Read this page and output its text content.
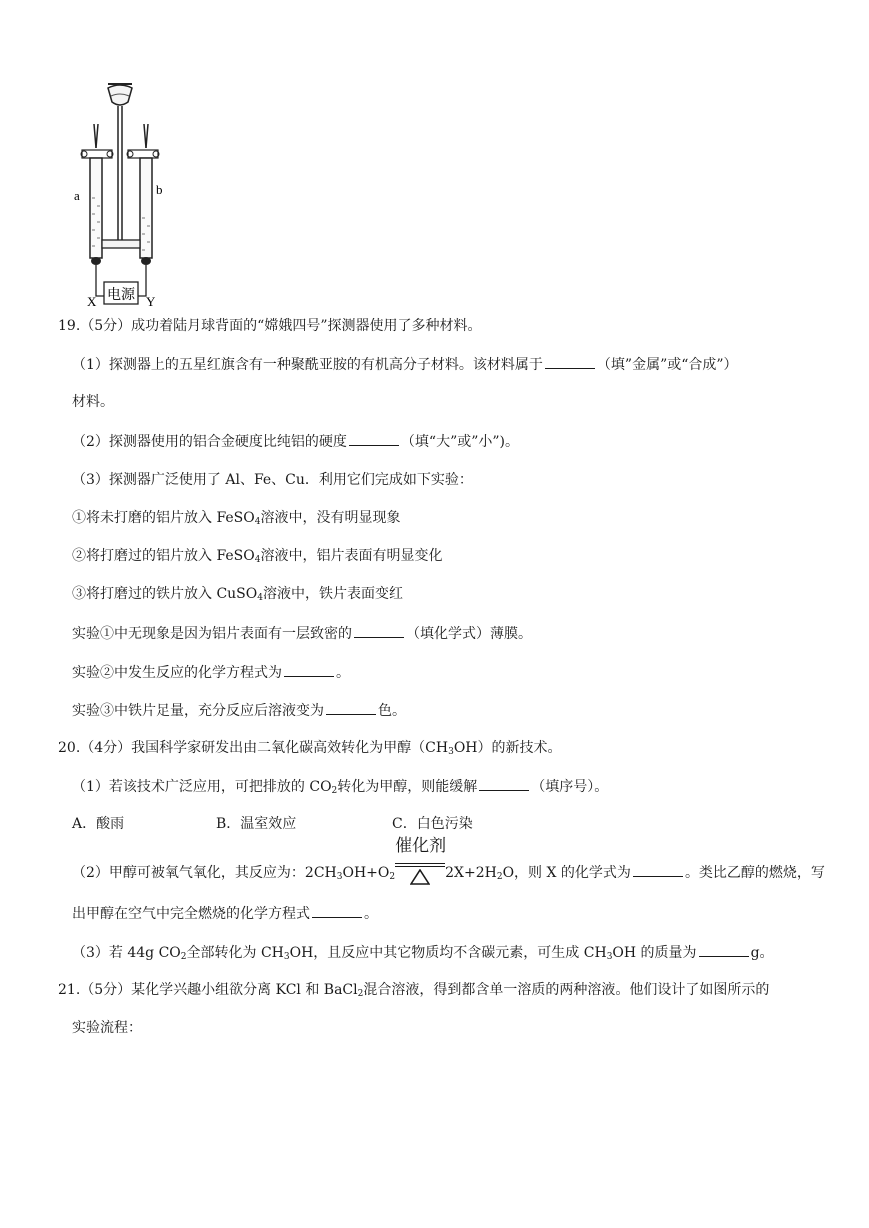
a	b
X	Y
电源
19.（5分）成功着陆月球背面的“嫦娥四号”探测器使用了多种材料。
（1）探测器上的五星红旗含有一种聚酰亚胺的有机高分子材料。该材料属于	（填”金属”或“合成”）
材料。
（2）探测器使用的铝合金硬度比纯铝的硬度	（填“大”或”小”)。
（3）探测器广泛使用了 Al、Fe、Cu．利用它们完成如下实验：
①将未打磨的铝片放入 FeSO$_4$溶液中，没有明显现象
②将打磨过的铝片放入 FeSO$_4$溶液中，铝片表面有明显变化
③将打磨过的铁片放入 CuSO$_4$溶液中，铁片表面变红
实验①中无现象是因为铝片表面有一层致密的	（填化学式）薄膜。
实验②中发生反应的化学方程式为	。
实验③中铁片足量，充分反应后溶液变为	色。
20.（4分）我国科学家研发出由二氧化碳高效转化为甲醇$(CH_3OH)$的新技术。
（1）若该技术广泛应用，可把排放的 $CO_2$转化为甲醇，则能缓解	（填序号）。
A．酸雨	B．温室效应	C．白色污染
（2）甲醇可被氧气氧化，其反应为：$2CH_3OH+O_2$
催化剂
$2X+2H_2O$，则 X 的化学式为	。类比乙醇的燃烧，写
出甲醇在空气中完全燃烧的化学方程式	。
（3）若 44g $CO_2$全部转化为 $CH_3OH$，且反应中其它物质均不含碳元素，可生成 $CH_3OH$ 的质量为	g。
21.（5分）某化学兴趣小组欲分离 KCl 和 BaCl$_2$混合溶液，得到都含单一溶质的两种溶液。他们设计了如图所示的
实验流程：
